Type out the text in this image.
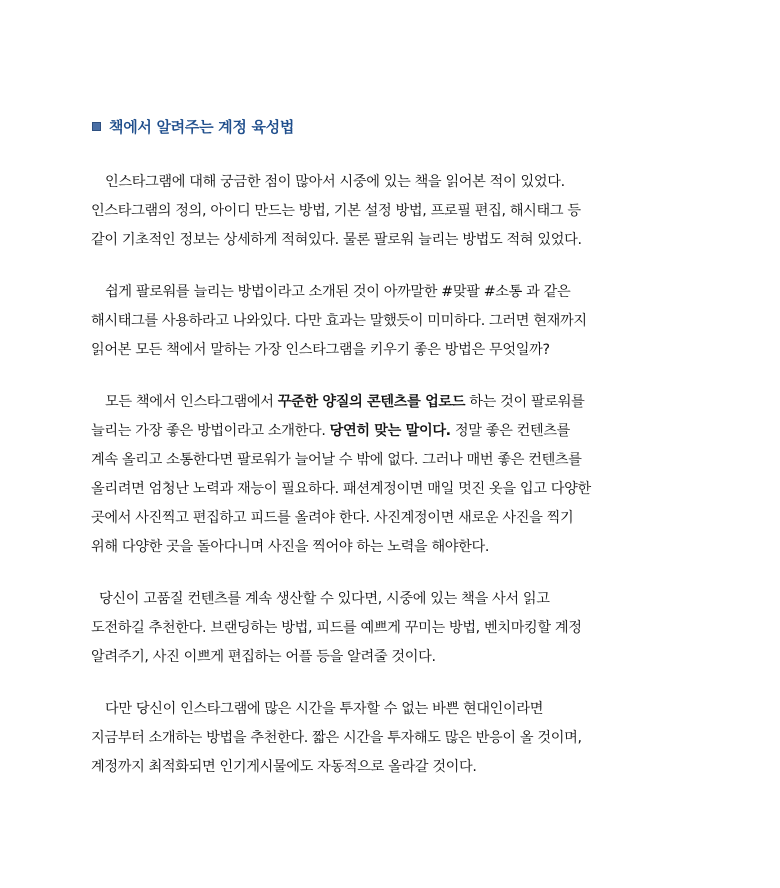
책에서 알려주는 계정 육성법
인스타그램에 대해 궁금한 점이 많아서 시중에 있는 책을 읽어본 적이 있었다.
인스타그램의 정의, 아이디 만드는 방법, 기본 설정 방법, 프로필 편집, 해시태그 등
같이 기초적인 정보는 상세하게 적혀있다. 물론 팔로워 늘리는 방법도 적혀 있었다.
쉽게 팔로워를 늘리는 방법이라고 소개된 것이 아까말한 #맞팔 #소통 과 같은
해시태그를 사용하라고 나와있다. 다만 효과는 말했듯이 미미하다. 그러면 현재까지
읽어본 모든 책에서 말하는 가장 인스타그램을 키우기 좋은 방법은 무엇일까?
모든 책에서 인스타그램에서 꾸준한 양질의 콘텐츠를 업로드 하는 것이 팔로워를
늘리는 가장 좋은 방법이라고 소개한다. 당연히 맞는 말이다. 정말 좋은 컨텐츠를
계속 올리고 소통한다면 팔로워가 늘어날 수 밖에 없다. 그러나 매번 좋은 컨텐츠를
올리려면 엄청난 노력과 재능이 필요하다. 패션계정이면 매일 멋진 옷을 입고 다양한
곳에서 사진찍고 편집하고 피드를 올려야 한다. 사진계정이면 새로운 사진을 찍기
위해 다양한 곳을 돌아다니며 사진을 찍어야 하는 노력을 해야한다.
당신이 고품질 컨텐츠를 계속 생산할 수 있다면, 시중에 있는 책을 사서 읽고
도전하길 추천한다. 브랜딩하는 방법, 피드를 예쁘게 꾸미는 방법, 벤치마킹할 계정
알려주기, 사진 이쁘게 편집하는 어플 등을 알려줄 것이다.
다만 당신이 인스타그램에 많은 시간을 투자할 수 없는 바쁜 현대인이라면
지금부터 소개하는 방법을 추천한다. 짧은 시간을 투자해도 많은 반응이 올 것이며,
계정까지 최적화되면 인기게시물에도 자동적으로 올라갈 것이다.
